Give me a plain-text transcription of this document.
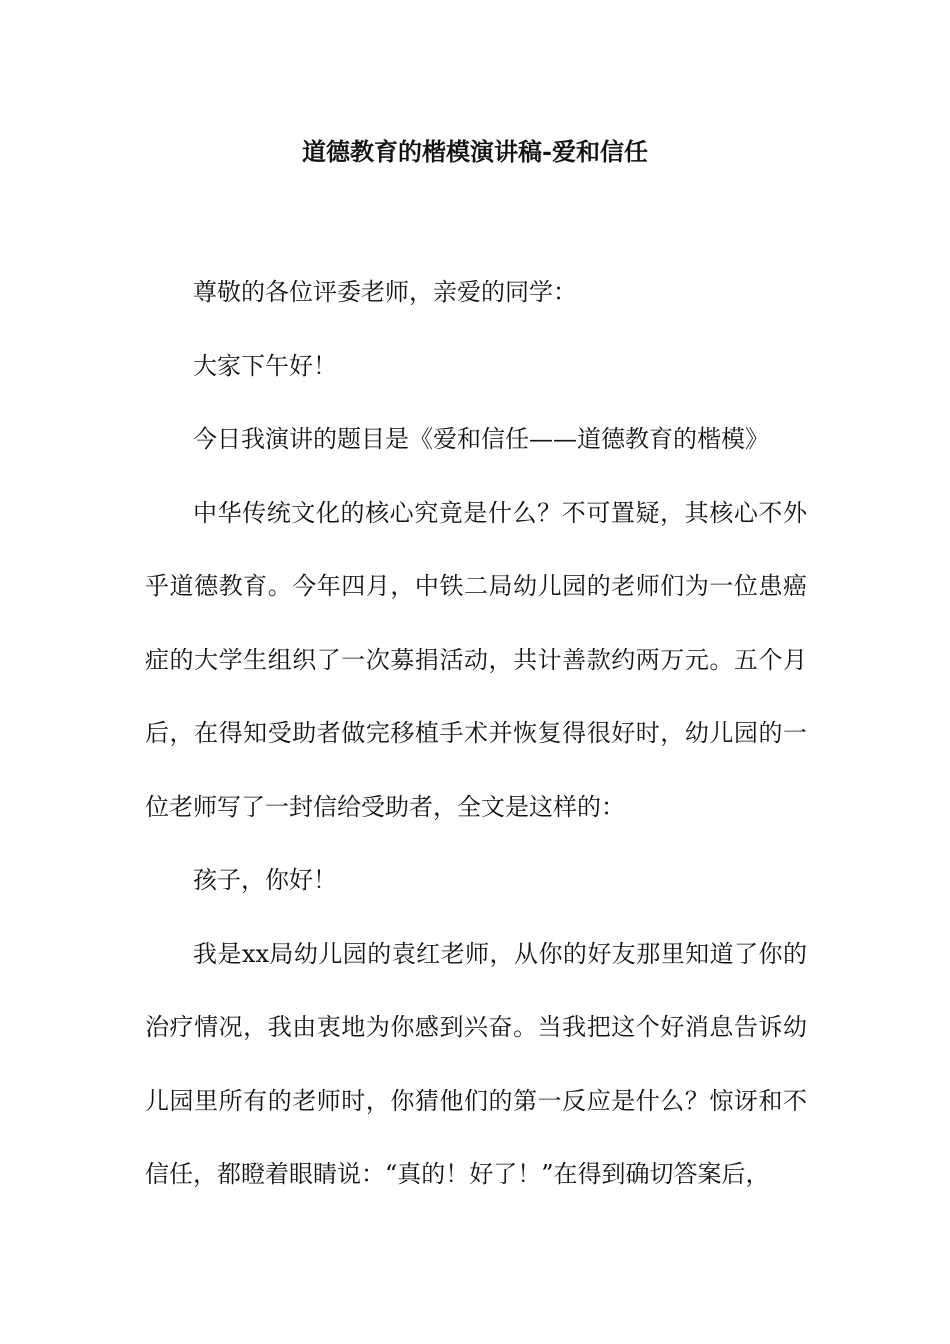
道德教育的楷模演讲稿-爱和信任

尊敬的各位评委老师，亲爱的同学：

大家下午好！

今日我演讲的题目是《爱和信任——道德教育的楷模》

中华传统文化的核心究竟是什么？不可置疑，其核心不外乎道德教育。今年四月，中铁二局幼儿园的老师们为一位患癌症的大学生组织了一次募捐活动，共计善款约两万元。五个月后，在得知受助者做完移植手术并恢复得很好时，幼儿园的一位老师写了一封信给受助者，全文是这样的：

孩子，你好！

我是xx局幼儿园的袁红老师，从你的好友那里知道了你的治疗情况，我由衷地为你感到兴奋。当我把这个好消息告诉幼儿园里所有的老师时，你猜他们的第一反应是什么？惊讶和不信任，都瞪着眼睛说：“真的！好了！”在得到确切答案后，
